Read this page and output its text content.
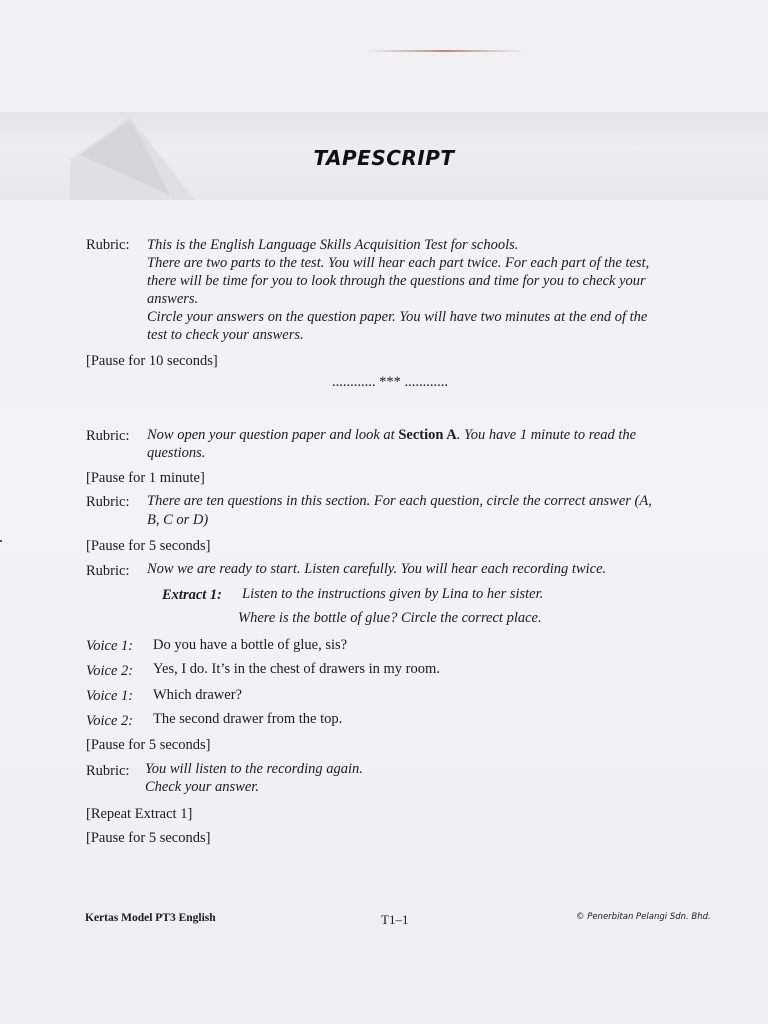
TAPESCRIPT
Rubric: This is the English Language Skills Acquisition Test for schools.
There are two parts to the test. You will hear each part twice. For each part of the test,
there will be time for you to look through the questions and time for you to check your
answers.
Circle your answers on the question paper. You will have two minutes at the end of the
test to check your answers.
[Pause for 10 seconds]
............ *** ............
Rubric: Now open your question paper and look at Section A. You have 1 minute to read the
questions.
[Pause for 1 minute]
Rubric: There are ten questions in this section. For each question, circle the correct answer (A,
B, C or D)
[Pause for 5 seconds]
Rubric: Now we are ready to start. Listen carefully. You will hear each recording twice.
Extract 1: Listen to the instructions given by Lina to her sister.
Where is the bottle of glue? Circle the correct place.
Voice 1: Do you have a bottle of glue, sis?
Voice 2: Yes, I do. It’s in the chest of drawers in my room.
Voice 1: Which drawer?
Voice 2: The second drawer from the top.
[Pause for 5 seconds]
Rubric: You will listen to the recording again.
Check your answer.
[Repeat Extract 1]
[Pause for 5 seconds]
Kertas Model PT3 English	T1–1	© Penerbitan Pelangi Sdn. Bhd.
